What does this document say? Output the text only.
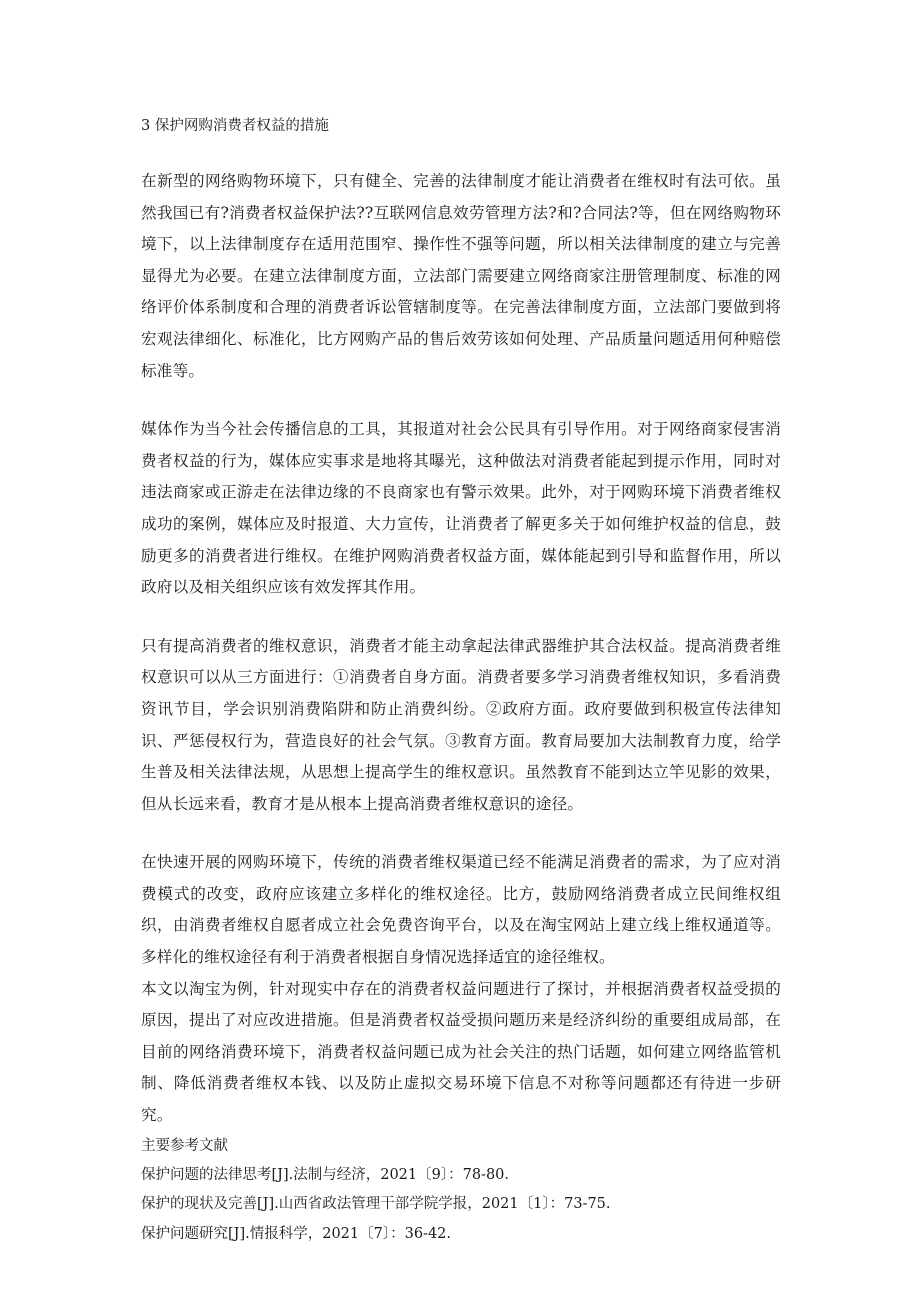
3 保护网购消费者权益的措施
在新型的网络购物环境下，只有健全、完善的法律制度才能让消费者在维权时有法可依。虽然我国已有?消费者权益保护法??互联网信息效劳管理方法?和?合同法?等，但在网络购物环境下，以上法律制度存在适用范围窄、操作性不强等问题，所以相关法律制度的建立与完善显得尤为必要。在建立法律制度方面，立法部门需要建立网络商家注册管理制度、标准的网络评价体系制度和合理的消费者诉讼管辖制度等。在完善法律制度方面，立法部门要做到将宏观法律细化、标准化，比方网购产品的售后效劳该如何处理、产品质量问题适用何种赔偿标准等。
媒体作为当今社会传播信息的工具，其报道对社会公民具有引导作用。对于网络商家侵害消费者权益的行为，媒体应实事求是地将其曝光，这种做法对消费者能起到提示作用，同时对违法商家或正游走在法律边缘的不良商家也有警示效果。此外，对于网购环境下消费者维权成功的案例，媒体应及时报道、大力宣传，让消费者了解更多关于如何维护权益的信息，鼓励更多的消费者进行维权。在维护网购消费者权益方面，媒体能起到引导和监督作用，所以政府以及相关组织应该有效发挥其作用。
只有提高消费者的维权意识，消费者才能主动拿起法律武器维护其合法权益。提高消费者维权意识可以从三方面进行：①消费者自身方面。消费者要多学习消费者维权知识，多看消费资讯节目，学会识别消费陷阱和防止消费纠纷。②政府方面。政府要做到积极宣传法律知识、严惩侵权行为，营造良好的社会气氛。③教育方面。教育局要加大法制教育力度，给学生普及相关法律法规，从思想上提高学生的维权意识。虽然教育不能到达立竿见影的效果，但从长远来看，教育才是从根本上提高消费者维权意识的途径。
在快速开展的网购环境下，传统的消费者维权渠道已经不能满足消费者的需求，为了应对消费模式的改变，政府应该建立多样化的维权途径。比方，鼓励网络消费者成立民间维权组织，由消费者维权自愿者成立社会免费咨询平台，以及在淘宝网站上建立线上维权通道等。多样化的维权途径有利于消费者根据自身情况选择适宜的途径维权。
本文以淘宝为例，针对现实中存在的消费者权益问题进行了探讨，并根据消费者权益受损的原因，提出了对应改进措施。但是消费者权益受损问题历来是经济纠纷的重要组成局部，在目前的网络消费环境下，消费者权益问题已成为社会关注的热门话题，如何建立网络监管机制、降低消费者维权本钱、以及防止虚拟交易环境下信息不对称等问题都还有待进一步研究。
主要参考文献
保护问题的法律思考[J].法制与经济，2021〔9〕：78-80.
保护的现状及完善[J].山西省政法管理干部学院学报，2021〔1〕：73-75.
保护问题研究[J].情报科学，2021〔7〕：36-42.
